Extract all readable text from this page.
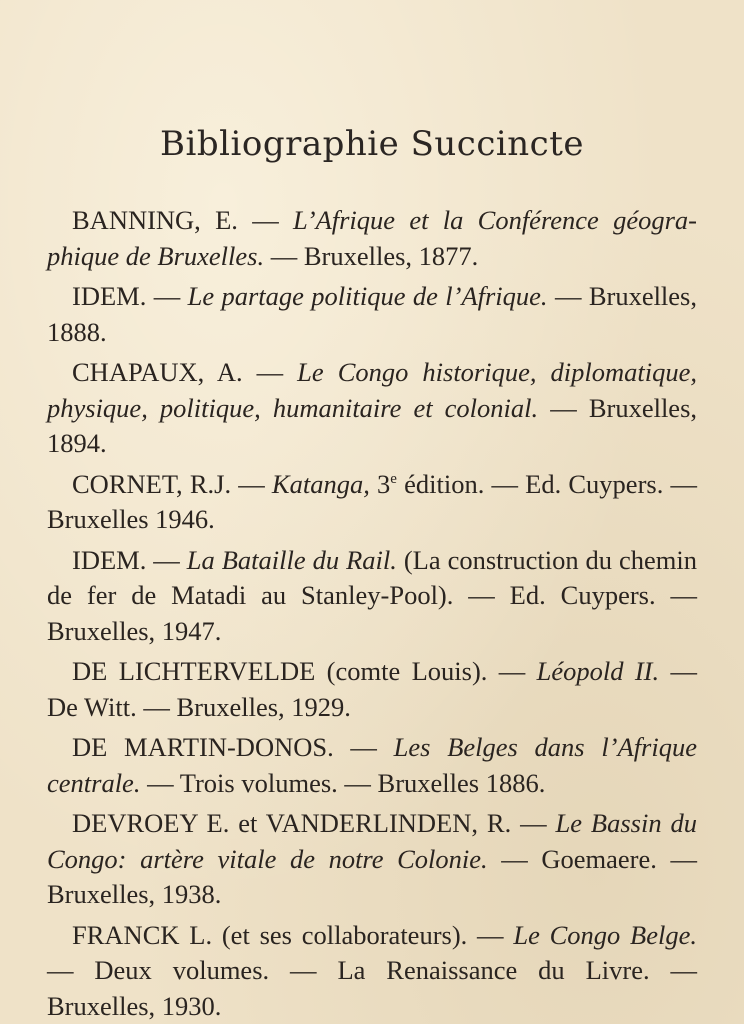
Bibliographie Succincte

BANNING, E. — L’Afrique et la Conférence géographique de Bruxelles. — Bruxelles, 1877.

IDEM. — Le partage politique de l’Afrique. — Bruxelles, 1888.

CHAPAUX, A. — Le Congo historique, diplomatique, physique, politique, humanitaire et colonial. — Bruxelles, 1894.

CORNET, R.J. — Katanga, 3e édition. — Ed. Cuypers. — Bruxelles 1946.

IDEM. — La Bataille du Rail. (La construction du chemin de fer de Matadi au Stanley-Pool). — Ed. Cuypers. — Bruxelles, 1947.

DE LICHTERVELDE (comte Louis). — Léopold II. — De Witt. — Bruxelles, 1929.

DE MARTIN-DONOS. — Les Belges dans l’Afrique centrale. — Trois volumes. — Bruxelles 1886.

DEVROEY E. et VANDERLINDEN, R. — Le Bassin du Congo: artère vitale de notre Colonie. — Goemaere. — Bruxelles, 1938.

FRANCK L. (et ses collaborateurs). — Le Congo Belge. — Deux volumes. — La Renaissance du Livre. — Bruxelles, 1930.
